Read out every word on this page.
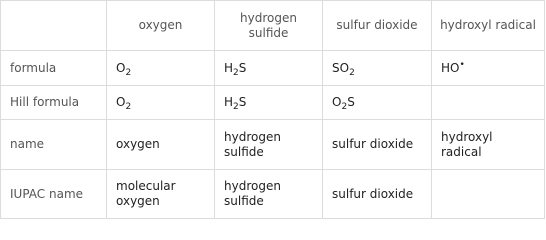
	oxygen	hydrogen sulfide	sulfur dioxide	hydroxyl radical
formula	$O_2$	$H_2S$	$SO_2$	HO•
Hill formula	$O_2$	$H_2S$	$O_2S$	
name	oxygen	hydrogen sulfide	sulfur dioxide	hydroxyl radical
IUPAC name	molecular oxygen	hydrogen sulfide	sulfur dioxide	
